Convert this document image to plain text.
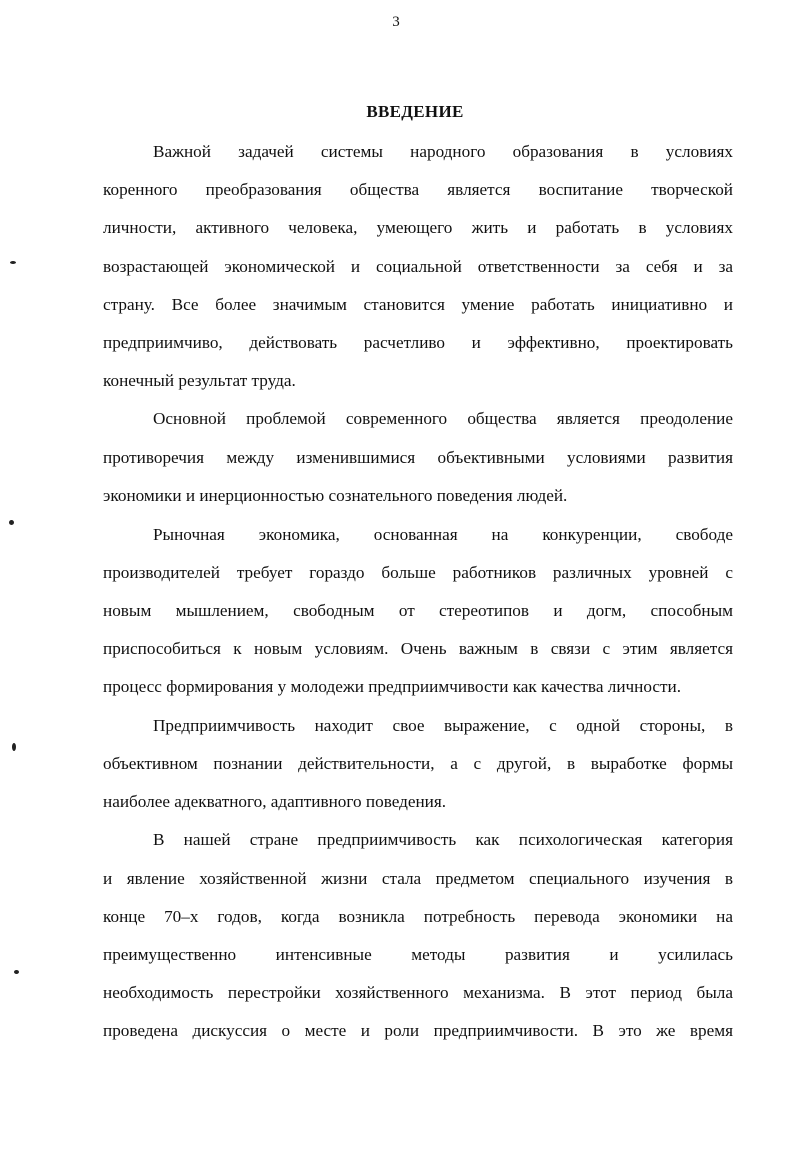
3
ВВЕДЕНИЕ
Важной задачей системы народного образования в условиях
коренного преобразования общества является воспитание творческой
личности, активного человека, умеющего жить и работать в условиях
возрастающей экономической и социальной ответственности за себя и за
страну. Все более значимым становится умение работать инициативно и
предприимчиво, действовать расчетливо и эффективно, проектировать
конечный результат труда.
Основной проблемой современного общества является преодоление
противоречия между изменившимися объективными условиями развития
экономики и инерционностью сознательного поведения людей.
Рыночная экономика, основанная на конкуренции, свободе
производителей требует гораздо больше работников различных уровней с
новым мышлением, свободным от стереотипов и догм, способным
приспособиться к новым условиям. Очень важным в связи с этим является
процесс формирования у молодежи предприимчивости как качества личности.
Предприимчивость находит свое выражение, с одной стороны, в
объективном познании действительности, а с другой, в выработке формы
наиболее адекватного, адаптивного поведения.
В нашей стране предприимчивость как психологическая категория
и явление хозяйственной жизни стала предметом специального изучения в
конце 70–х годов, когда возникла потребность перевода экономики на
преимущественно интенсивные методы развития и усилилась
необходимость перестройки хозяйственного механизма. В этот период была
проведена дискуссия о месте и роли предприимчивости. В это же время
